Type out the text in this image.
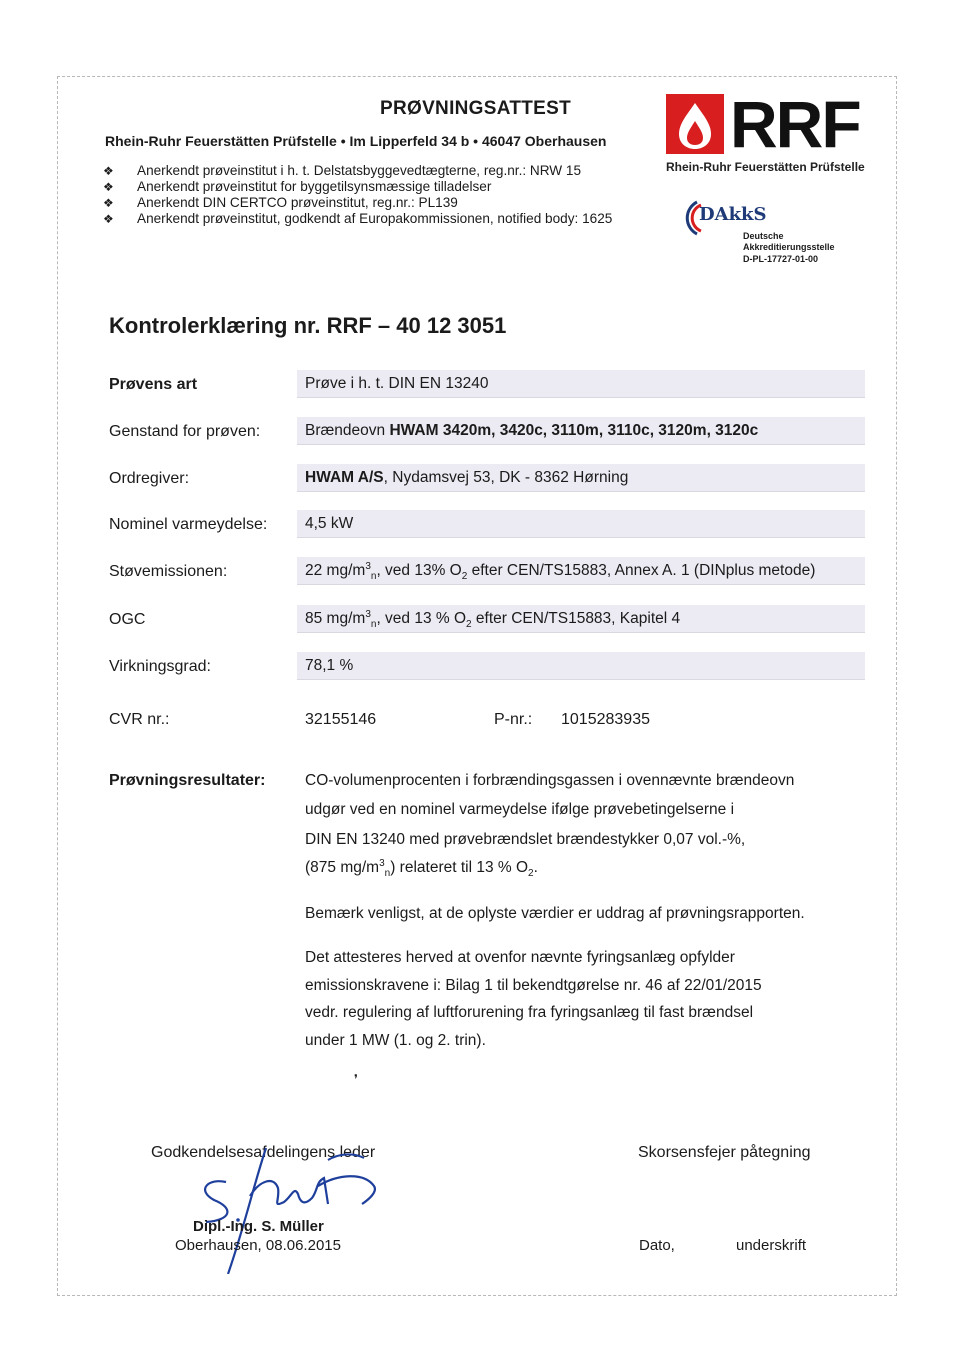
PRØVNINGSATTEST
Rhein-Ruhr Feuerstätten Prüfstelle • Im Lipperfeld 34 b • 46047 Oberhausen
❖	Anerkendt prøveinstitut i h. t. Delstatsbyggevedtægterne, reg.nr.: NRW 15
❖	Anerkendt prøveinstitut for byggetilsynsmæssige tilladelser
❖	Anerkendt DIN CERTCO prøveinstitut, reg.nr.: PL139
❖	Anerkendt prøveinstitut, godkendt af Europakommissionen, notified body: 1625
RRF
Rhein-Ruhr Feuerstätten Prüfstelle
DAkkS
Deutsche
Akkreditierungsstelle
D-PL-17727-01-00
Kontrolerklæring nr. RRF – 40 12 3051
Prøvens art	Prøve i h. t. DIN EN 13240
Genstand for prøven:	Brændeovn HWAM 3420m, 3420c, 3110m, 3110c, 3120m, 3120c
Ordregiver:	HWAM A/S, Nydamsvej 53, DK - 8362 Hørning
Nominel varmeydelse:	4,5 kW
Støvemissionen:	22 $mg/m^3_n$, ved 13% $O_2$ efter CEN/TS15883, Annex A. 1 (DINplus metode)
OGC	85 $mg/m^3_n$, ved 13 % $O_2$ efter CEN/TS15883, Kapitel 4
Virkningsgrad:	78,1 %
CVR nr.:	32155146	P-nr.: 1015283935
Prøvningsresultater:	CO-volumenprocenten i forbrændingsgassen i ovennævnte brændeovn

udgør ved en nominel varmeydelse ifølge prøvebetingelserne i

DIN EN 13240 med prøvebrændslet brændestykker 0,07 vol.-%,

(875 $mg/m^3_n$) relateret til 13 % $O_2$.

Bemærk venligst, at de oplyste værdier er uddrag af prøvningsrapporten.

Det attesteres herved at ovenfor nævnte fyringsanlæg opfylder

emissionskravene i: Bilag 1 til bekendtgørelse nr. 46 af 22/01/2015

vedr. regulering af luftforurening fra fyringsanlæg til fast brændsel

under 1 MW (1. og 2. trin).

❜
Godkendelsesafdelingens leder	Skorsensfejer påtegning
Dipl.-Ing. S. Müller
Oberhausen, 08.06.2015	Dato,	underskrift
